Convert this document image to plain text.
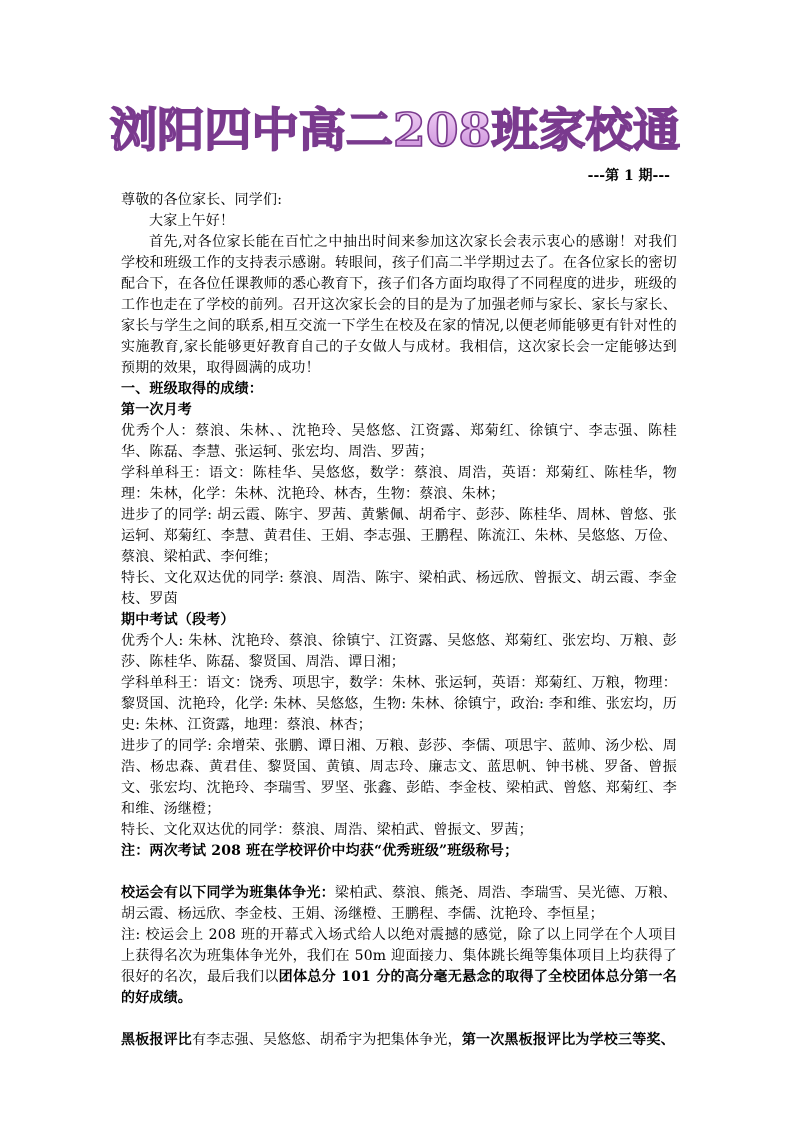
浏阳四中高二208班家校通
---第 1 期---

尊敬的各位家长、同学们:

大家上午好！

首先,对各位家长能在百忙之中抽出时间来参加这次家长会表示衷心的感谢！对我们学校和班级工作的支持表示感谢。转眼间，孩子们高二半学期过去了。在各位家长的密切配合下，在各位任课教师的悉心教育下，孩子们各方面均取得了不同程度的进步，班级的工作也走在了学校的前列。召开这次家长会的目的是为了加强老师与家长、家长与家长、家长与学生之间的联系,相互交流一下学生在校及在家的情况,以便老师能够更有针对性的实施教育,家长能够更好教育自己的子女做人与成材。我相信，这次家长会一定能够达到预期的效果，取得圆满的成功！

一、班级取得的成绩：

第一次月考

优秀个人：蔡浪、朱林、、沈艳玲、吴悠悠、江资露、郑菊红、徐镇宁、李志强、陈桂华、陈磊、李慧、张运轲、张宏均、周浩、罗茜；

学科单科王：语文：陈桂华、吴悠悠，数学：蔡浪、周浩，英语：郑菊红、陈桂华，物理：朱林，化学：朱林、沈艳玲、林杏，生物：蔡浪、朱林；

进步了的同学: 胡云霞、陈宇、罗茜、黄紫佩、胡希宇、彭莎、陈桂华、周林、曾悠、张运轲、郑菊红、李慧、黄君佳、王娟、李志强、王鹏程、陈流江、朱林、吴悠悠、万俭、蔡浪、梁柏武、李何维；

特长、文化双达优的同学: 蔡浪、周浩、陈宇、梁柏武、杨远欣、曾振文、胡云霞、李金枝、罗茵

期中考试（段考）

优秀个人: 朱林、沈艳玲、蔡浪、徐镇宁、江资露、吴悠悠、郑菊红、张宏均、万粮、彭莎、陈桂华、陈磊、黎贤国、周浩、谭日湘；

学科单科王：语文：饶秀、项思宇，数学：朱林、张运轲，英语：郑菊红、万粮，物理：黎贤国、沈艳玲，化学: 朱林、吴悠悠，生物: 朱林、徐镇宁，政治: 李和维、张宏均，历史: 朱林、江资露，地理：蔡浪、林杏；

进步了的同学: 余增荣、张鹏、谭日湘、万粮、彭莎、李儒、项思宇、蓝帅、汤少松、周浩、杨忠森、黄君佳、黎贤国、黄镇、周志玲、廉志文、蓝思帆、钟书桃、罗备、曾振文、张宏均、沈艳玲、李瑞雪、罗坚、张鑫、彭皓、李金枝、梁柏武、曾悠、郑菊红、李和维、汤继橙；

特长、文化双达优的同学：蔡浪、周浩、梁柏武、曾振文、罗茜；

注：两次考试 208 班在学校评价中均获“优秀班级”班级称号；

校运会有以下同学为班集体争光：梁柏武、蔡浪、熊尧、周浩、李瑞雪、吴光德、万粮、胡云霞、杨远欣、李金枝、王娟、汤继橙、王鹏程、李儒、沈艳玲、李恒星；

注: 校运会上 208 班的开幕式入场式给人以绝对震撼的感觉，除了以上同学在个人项目上获得名次为班集体争光外，我们在 50m 迎面接力、集体跳长绳等集体项目上均获得了很好的名次，最后我们以团体总分 101 分的高分毫无悬念的取得了全校团体总分第一名的好成绩。

黑板报评比有李志强、吴悠悠、胡希宇为把集体争光，第一次黑板报评比为学校三等奖、
